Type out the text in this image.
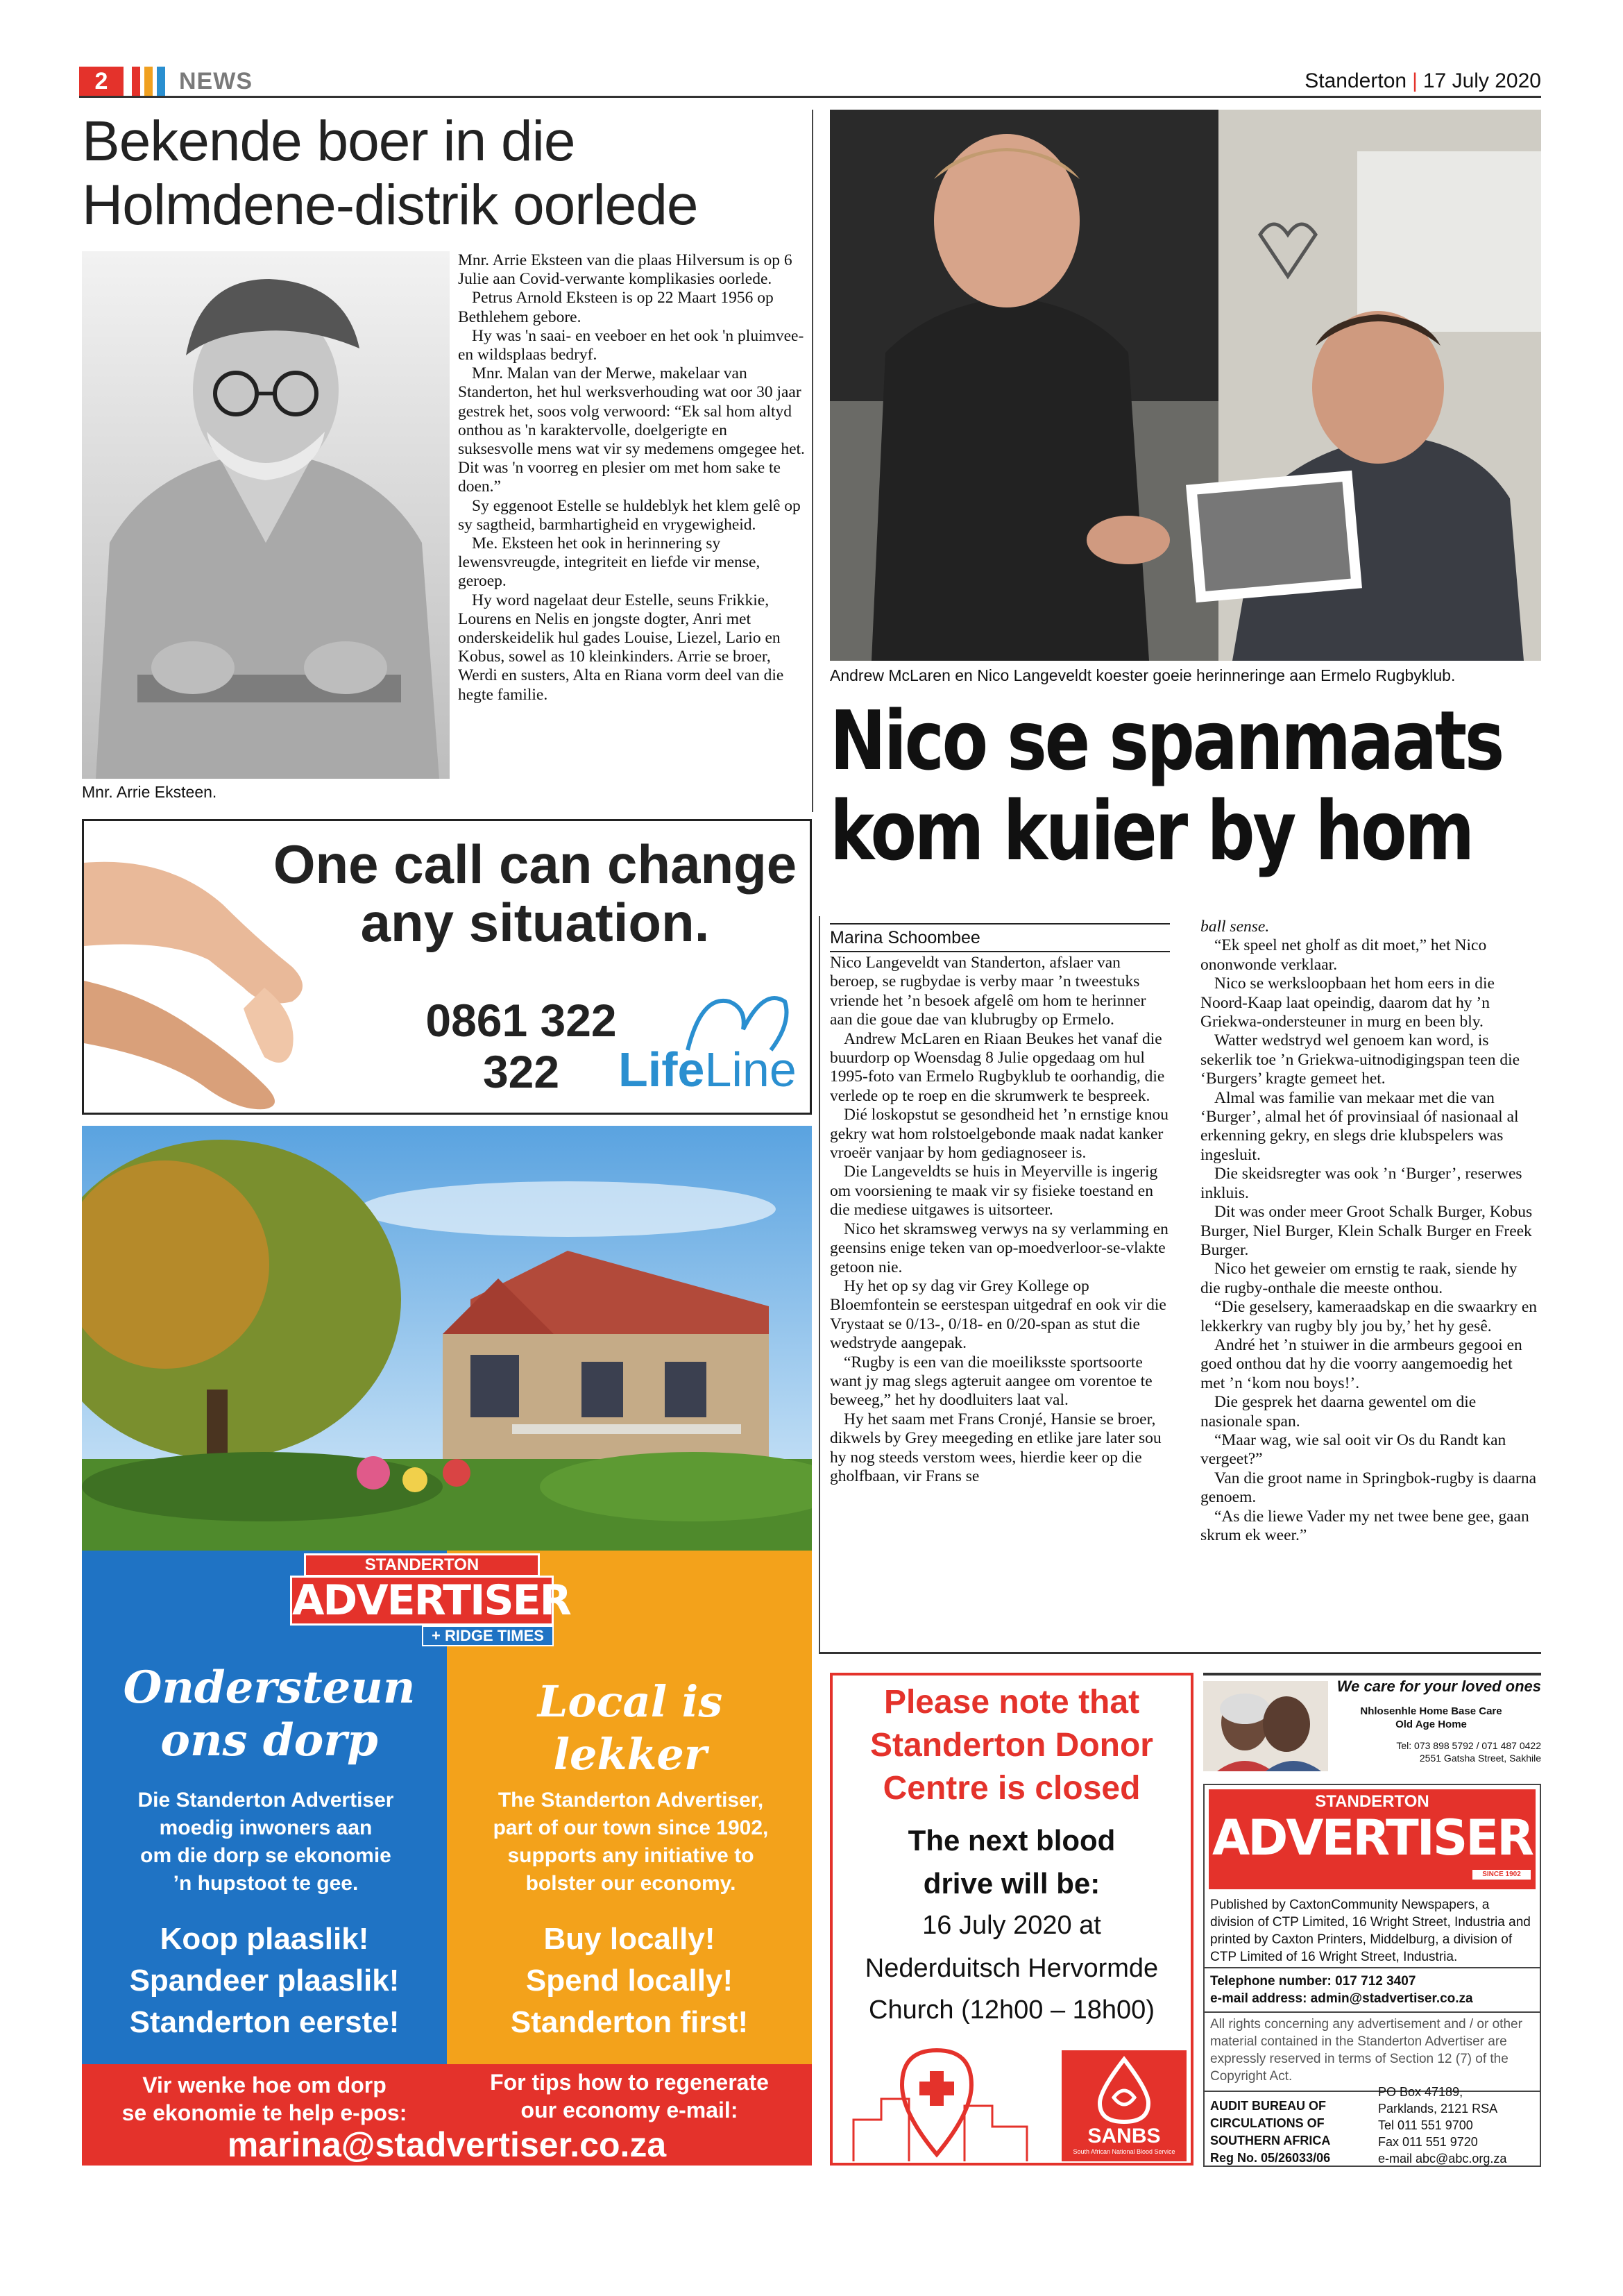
2	NEWS	Standerton | 17 July 2020
Bekende boer in die Holmdene-distrik oorlede
Mnr. Arrie Eksteen.

Mnr. Arrie Eksteen van die plaas Hilversum is op 6 Julie aan Covid-verwante komplikasies oorlede.

Petrus Arnold Eksteen is op 22 Maart 1956 op Bethlehem gebore.

Hy was 'n saai- en veeboer en het ook 'n pluimvee- en wildsplaas bedryf.

Mnr. Malan van der Merwe, makelaar van Standerton, het hul werksverhouding wat oor 30 jaar gestrek het, soos volg verwoord: “Ek sal hom altyd onthou as 'n karaktervolle, doelgerigte en suksesvolle mens wat vir sy medemens omgegee het. Dit was 'n voorreg en plesier om met hom sake te doen.”

Sy eggenoot Estelle se huldeblyk het klem gelê op sy sagtheid, barmhartigheid en vrygewigheid.

Me. Eksteen het ook in herinnering sy lewensvreugde, integriteit en liefde vir mense, geroep.

Hy word nagelaat deur Estelle, seuns Frikkie, Lourens en Nelis en jongste dogter, Anri met onderskeidelik hul gades Louise, Liezel, Lario en Kobus, sowel as 10 kleinkinders. Arrie se broer, Werdi en susters, Alta en Riana vorm deel van die hegte familie.

One call can change
any situation.
0861 322
322	LifeLine
STANDERTON
ADVERTISER
+ RIDGE TIMES
Ondersteun
ons dorp
Local is lekker
Die Standerton Advertiser
moedig inwoners aan
om die dorp se ekonomie
’n hupstoot te gee.
The Standerton Advertiser,
part of our town since 1902,
supports any initiative to
bolster our economy.
Koop plaaslik!
Spandeer plaaslik!
Standerton eerste!
Buy locally!
Spend locally!
Standerton first!
Vir wenke hoe om dorp
se ekonomie te help e-pos:
For tips how to regenerate
our economy e-mail:
marina@stadvertiser.co.za
Andrew McLaren en Nico Langeveldt koester goeie herinneringe aan Ermelo Rugbyklub.
Nico se spanmaats
kom kuier by hom
Marina Schoombee

Nico Langeveldt van Standerton, afslaer van beroep, se rugbydae is verby maar ’n tweestuks vriende het ’n besoek afgelê om hom te herinner aan die goue dae van klubrugby op Ermelo.

Andrew McLaren en Riaan Beukes het vanaf die buurdorp op Woensdag 8 Julie opgedaag om hul 1995-foto van Ermelo Rugbyklub te oorhandig, die verlede op te roep en die skrumwerk te bespreek.

Dié loskopstut se gesondheid het ’n ernstige knou gekry wat hom rolstoelgebonde maak nadat kanker vroeër vanjaar by hom gediagnoseer is.

Die Langeveldts se huis in Meyerville is ingerig om voorsiening te maak vir sy fisieke toestand en die mediese uitgawes is uitsorteer.

Nico het skramsweg verwys na sy verlamming en geensins enige teken van op-moedverloor-se-vlakte getoon nie.

Hy het op sy dag vir Grey Kollege op Bloemfontein se eerstespan uitgedraf en ook vir die Vrystaat se 0/13-, 0/18- en 0/20-span as stut die wedstryde aangepak.

“Rugby is een van die moeiliksste sportsoorte want jy mag slegs agteruit aangee om vorentoe te beweeg,” het hy doodluiters laat val.

Hy het saam met Frans Cronjé, Hansie se broer, dikwels by Grey meegeding en etlike jare later sou hy nog steeds verstom wees, hierdie keer op die gholfbaan, vir Frans se

ball sense.

“Ek speel net gholf as dit moet,” het Nico ononwonde verklaar.

Nico se werksloopbaan het hom eers in die Noord-Kaap laat opeindig, daarom dat hy ’n Griekwa-ondersteuner in murg en been bly.

Watter wedstryd wel genoem kan word, is sekerlik toe ’n Griekwa-uitnodigingspan teen die ‘Burgers’ kragte gemeet het.

Almal was familie van mekaar met die van ‘Burger’, almal het óf provinsiaal óf nasionaal al erkenning gekry, en slegs drie klubspelers was ingesluit.

Die skeidsregter was ook ’n ‘Burger’, reserwes inkluis.

Dit was onder meer Groot Schalk Burger, Kobus Burger, Niel Burger, Klein Schalk Burger en Freek Burger.

Nico het geweier om ernstig te raak, siende hy die rugby-onthale die meeste onthou.

“Die geselsery, kameraadskap en die swaarkry en lekkerkry van rugby bly jou by,’ het hy gesê.

André het ’n stuiwer in die armbeurs gegooi en goed onthou dat hy die voorry aangemoedig het met ’n ‘kom nou boys!’.

Die gesprek het daarna gewentel om die nasionale span.

“Maar wag, wie sal ooit vir Os du Randt kan vergeet?”

Van die groot name in Springbok-rugby is daarna genoem.

“As die liewe Vader my net twee bene gee, gaan skrum ek weer.”

Please note that
Standerton Donor
Centre is closed
The next blood
drive will be:
16 July 2020 at
Nederduitsch Hervormde
Church (12h00 – 18h00)
SANBS
South African National Blood Service
We care for your loved ones
Nhlosenhle Home Base Care
Old Age Home
Tel: 073 898 5792 / 071 487 0422
2551 Gatsha Street, Sakhile
STANDERTON
ADVERTISER
SINCE 1902
Published by CaxtonCommunity Newspapers, a division of CTP Limited, 16 Wright Street, Industria and printed by Caxton Printers, Middelburg, a division of CTP Limited of 16 Wright Street, Industria.
Telephone number: 017 712 3407
e-mail address: admin@stadvertiser.co.za
All rights concerning any advertisement and / or other material contained in the Standerton Advertiser are expressly reserved in terms of Section 12 (7) of the Copyright Act.
AUDIT BUREAU OF
CIRCULATIONS OF
SOUTHERN AFRICA
Reg No. 05/26033/06
PO Box 47189,
Parklands, 2121 RSA
Tel 011 551 9700
Fax 011 551 9720
e-mail abc@abc.org.za
